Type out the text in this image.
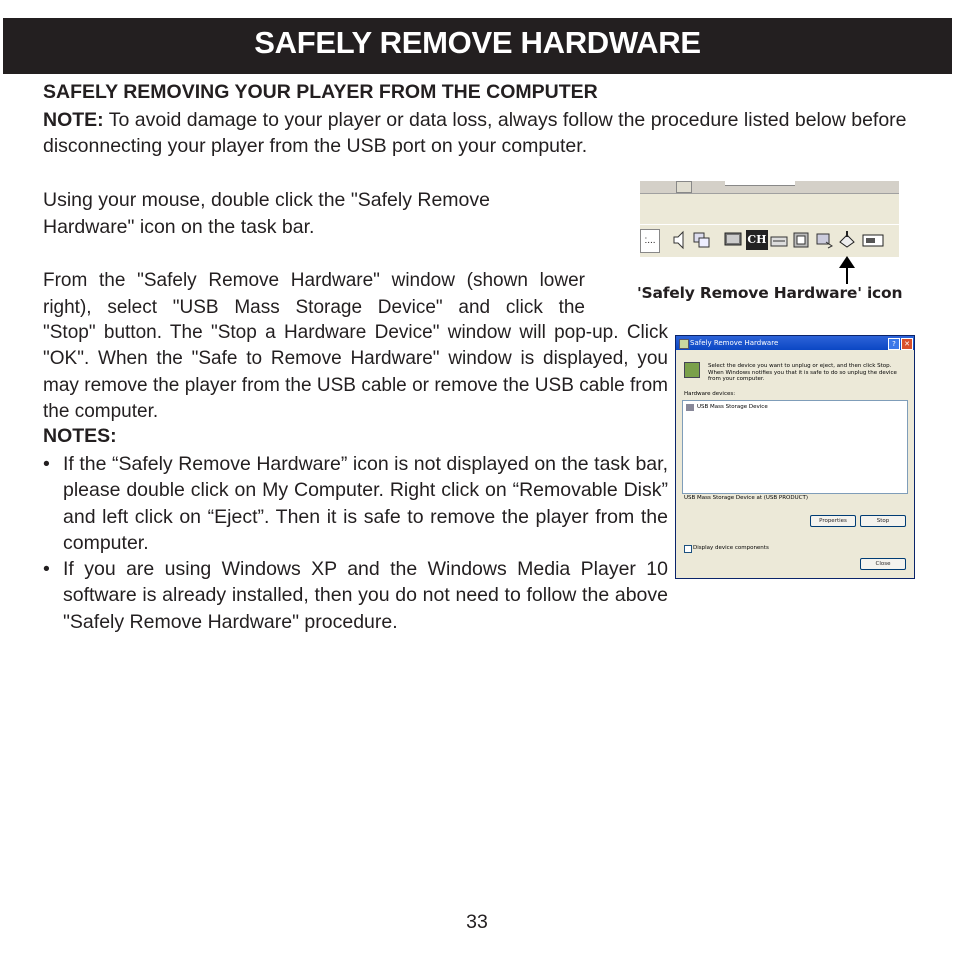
SAFELY REMOVE HARDWARE
SAFELY REMOVING YOUR PLAYER FROM THE COMPUTER
NOTE: To avoid damage to your player or data loss, always follow the procedure listed below before disconnecting your player from the USB port on your computer.
Using your mouse, double click the "Safely Remove Hardware" icon on the task bar.
From the "Safely Remove Hardware" window (shown lower right), select "USB Mass Storage Device" and click the
"Stop" button. The "Stop a Hardware Device" window will pop-up. Click "OK". When the "Safe to Remove Hardware" window is displayed, you may remove the player from the USB cable or remove the USB cable from the computer.
NOTES:
• If the “Safely Remove Hardware” icon is not displayed on the task bar, please double click on My Computer. Right click on “Removable Disk” and left click on “Eject”. Then it is safe to remove the player from the computer.
• If you are using Windows XP and the Windows Media Player 10 software is already installed, then you do not need to follow the above "Safely Remove Hardware" procedure.
:...	CH
'Safely Remove Hardware' icon
Safely Remove Hardware	?	✕
Select the device you want to unplug or eject, and then click Stop. When Windows notifies you that it is safe to do so unplug the device from your computer.
Hardware devices:
USB Mass Storage Device
USB Mass Storage Device at (USB PRODUCT)
Properties	Stop
Display device components
Close
33
